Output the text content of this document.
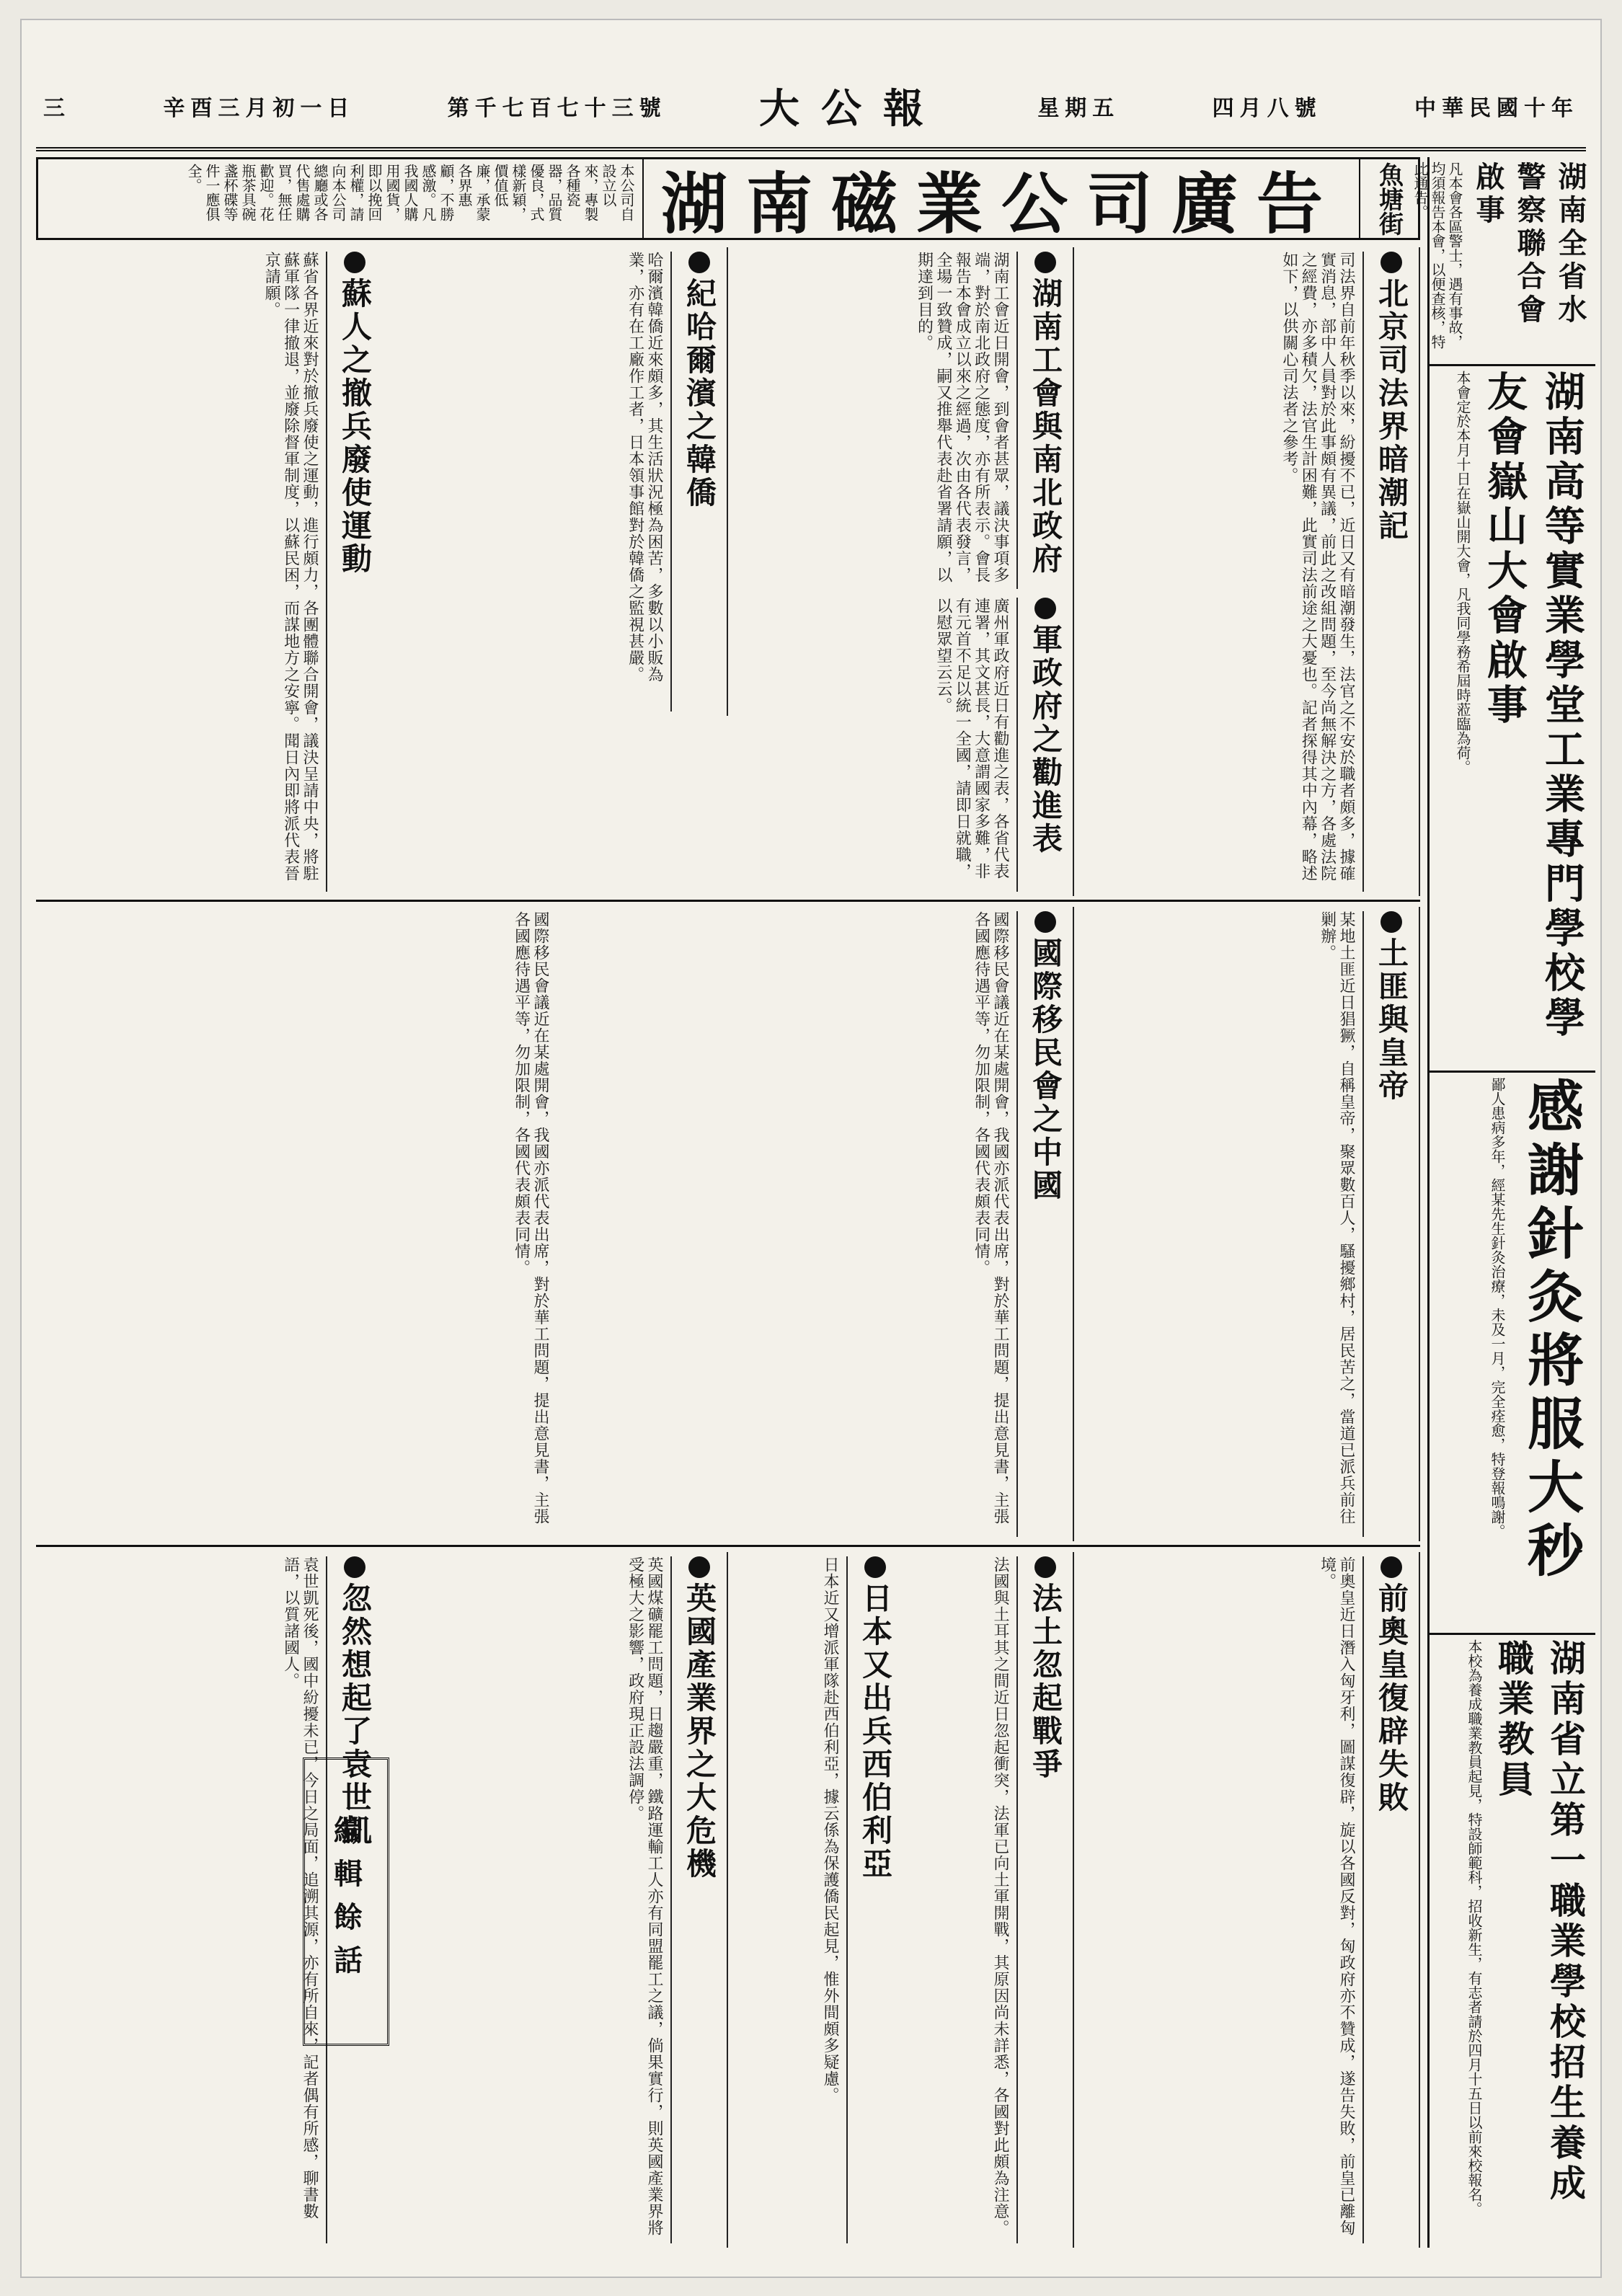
三	辛酉三月初一日	第千七百七十三號 大公報	星期五	四月八號	中華民國十年
魚塘街
湖南磁業公司廣告
本公司自設立以來，專製各種瓷器，品質優良，式樣新穎，價值低廉，承蒙各界惠顧，不勝感激。凡我國人購用國貨，即以挽回利權，請向本公司總廳或各代售處購買，無任歡迎。花瓶茶具碗盞杯碟等件一應俱全。
北京司法界暗潮記
司法界自前年秋季以來，紛擾不已，近日又有暗潮發生，法官之不安於職者頗多，據確實消息，部中人員對於此事頗有異議，前此之改組問題，至今尚無解決之方，各處法院之經費，亦多積欠，法官生計困難，此實司法前途之大憂也。記者探得其中內幕，略述如下，以供關心司法者之參考。
湖南工會與南北政府
湖南工會近日開會，到會者甚眾，議決事項多端，對於南北政府之態度，亦有所表示。會長報告本會成立以來之經過，次由各代表發言，全場一致贊成，嗣又推舉代表赴省署請願，以期達到目的。
軍政府之勸進表
廣州軍政府近日有勸進之表，各省代表連署，其文甚長，大意謂國家多難，非有元首不足以統一全國，請即日就職，以慰眾望云云。
紀哈爾濱之韓僑
哈爾濱韓僑近來頗多，其生活狀況極為困苦，多數以小販為業，亦有在工廠作工者，日本領事館對於韓僑之監視甚嚴。
蘇人之撤兵廢使運動
蘇省各界近來對於撤兵廢使之運動，進行頗力，各團體聯合開會，議決呈請中央，將駐蘇軍隊一律撤退，並廢除督軍制度，以蘇民困，而謀地方之安寧。聞日內即將派代表晉京請願。
土匪與皇帝
某地土匪近日猖獗，自稱皇帝，聚眾數百人，騷擾鄉村，居民苦之，當道已派兵前往剿辦。
國際移民會之中國
國際移民會議近在某處開會，我國亦派代表出席，對於華工問題，提出意見書，主張各國應待遇平等，勿加限制，各國代表頗表同情。
國際移民會議近在某處開會，我國亦派代表出席，對於華工問題，提出意見書，主張各國應待遇平等，勿加限制，各國代表頗表同情。
前奧皇復辟失敗
前奧皇近日潛入匈牙利，圖謀復辟，旋以各國反對，匈政府亦不贊成，遂告失敗，前皇已離匈境。
法土忽起戰爭
法國與土耳其之間近日忽起衝突，法軍已向土軍開戰，其原因尚未詳悉，各國對此頗為注意。
日本又出兵西伯利亞
日本近又增派軍隊赴西伯利亞，據云係為保護僑民起見，惟外間頗多疑慮。
英國產業界之大危機
英國煤礦罷工問題，日趨嚴重，鐵路運輸工人亦有同盟罷工之議，倘果實行，則英國產業界將受極大之影響，政府現正設法調停。
忽然想起了袁世凱
袁世凱死後，國中紛擾未已，今日之局面，追溯其源，亦有所自來，記者偶有所感，聊書數語，以質諸國人。
編輯餘話
湖南全省水警察聯合會啟事
凡本會各區警士，遇有事故，均須報告本會，以便查核，特此通告。
湖南高等實業學堂工業專門學校學友會嶽山大會啟事
本會定於本月十日在嶽山開大會，凡我同學務希屆時蒞臨為荷。
感謝針灸將服大秒
鄙人患病多年，經某先生針灸治療，未及一月，完全痊愈，特登報鳴謝。
湖南省立第一職業學校招生養成職業教員
本校為養成職業教員起見，特設師範科，招收新生，有志者請於四月十五日以前來校報名。
